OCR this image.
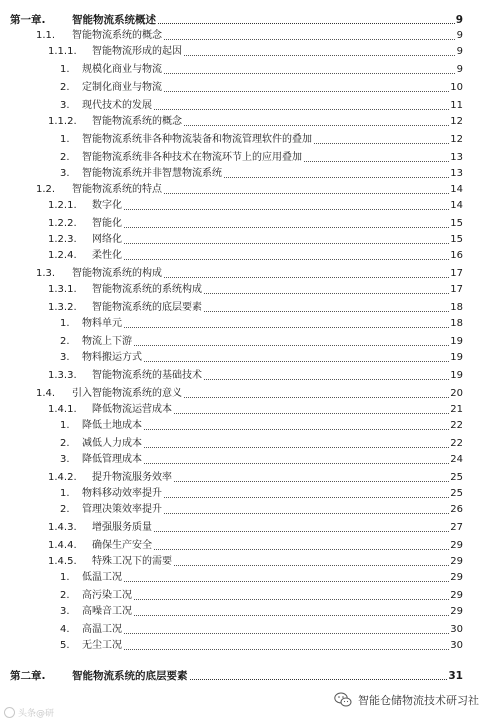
第一章.	智能物流系统概述	9
1.1. 智能物流系统的概念	9
1.1.1. 智能物流形成的起因	9
1. 规模化商业与物流	9
2. 定制化商业与物流	10
3. 现代技术的发展	11
1.1.2. 智能物流系统的概念	12
1. 智能物流系统非各种物流装备和物流管理软件的叠加	12
2. 智能物流系统非各种技术在物流环节上的应用叠加	13
3. 智能物流系统并非智慧物流系统	13
1.2. 智能物流系统的特点	14
1.2.1. 数字化	14
1.2.2. 智能化	15
1.2.3. 网络化	15
1.2.4. 柔性化	16
1.3. 智能物流系统的构成	17
1.3.1. 智能物流系统的系统构成	17
1.3.2. 智能物流系统的底层要素	18
1. 物料单元	18
2. 物流上下游	19
3. 物料搬运方式	19
1.3.3. 智能物流系统的基础技术	19
1.4. 引入智能物流系统的意义	20
1.4.1. 降低物流运营成本	21
1. 降低土地成本	22
2. 减低人力成本	22
3. 降低管理成本	24
1.4.2. 提升物流服务效率	25
1. 物料移动效率提升	25
2. 管理决策效率提升	26
1.4.3. 增强服务质量	27
1.4.4. 确保生产安全	29
1.4.5. 特殊工况下的需要	29
1. 低温工况	29
2. 高污染工况	29
3. 高噪音工况	29
4. 高温工况	30
5. 无尘工况	30
第二章.	智能物流系统的底层要素	31
智能仓储物流技术研习社
头条@研
